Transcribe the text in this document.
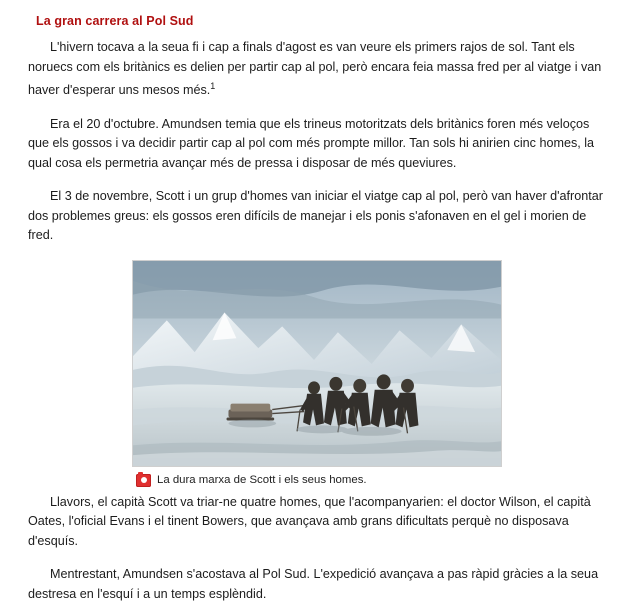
La gran carrera al Pol Sud

L'hivern tocava a la seua fi i cap a finals d'agost es van veure els primers rajos de sol. Tant els noruecs com els britànics es delien per partir cap al pol, però encara feia massa fred per al viatge i van haver d'esperar uns mesos més.$^1$

Era el 20 d'octubre. Amundsen temia que els trineus motoritzats dels britànics foren més veloços que els gossos i va decidir partir cap al pol com més prompte millor. Tan sols hi anirien cinc homes, la qual cosa els permetria avançar més de pressa i disposar de més queviures.

El 3 de novembre, Scott i un grup d'homes van iniciar el viatge cap al pol, però van haver d'afrontar dos problemes greus: els gossos eren difícils de manejar i els ponis s'afonaven en el gel i morien de fred.

La dura marxa de Scott i els seus homes.

Llavors, el capità Scott va triar-ne quatre homes, que l'acompanyarien: el doctor Wilson, el capità Oates, l'oficial Evans i el tinent Bowers, que avançava amb grans dificultats perquè no disposava d'esquís.

Mentrestant, Amundsen s'acostava al Pol Sud. L'expedició avançava a pas ràpid gràcies a la seua destresa en l'esquí i a un temps esplèndid.
